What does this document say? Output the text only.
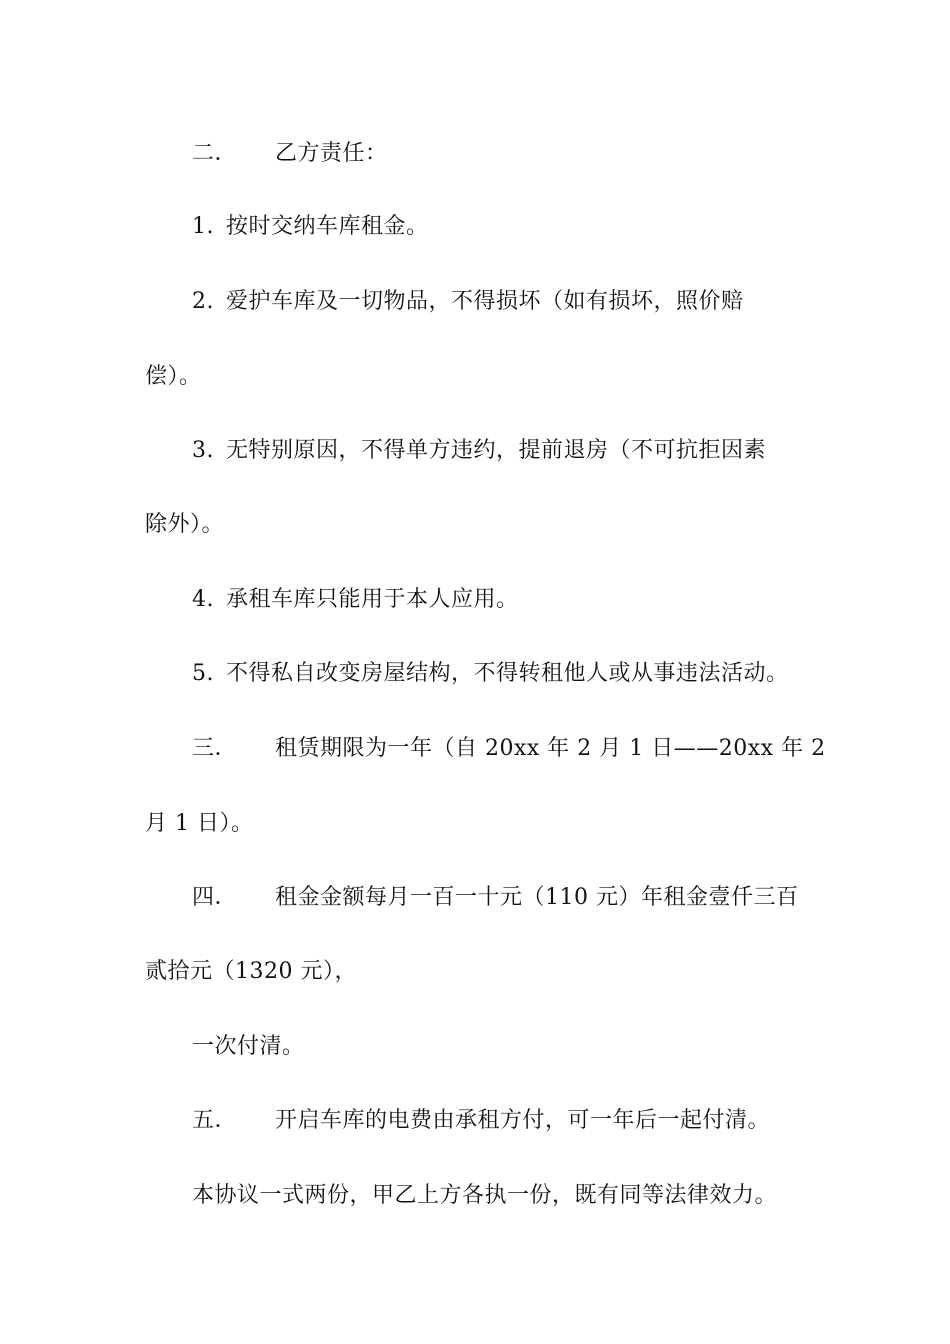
二． 乙方责任：
1. 按时交纳车库租金。
2. 爱护车库及一切物品，不得损坏（如有损坏，照价赔
偿）。
3. 无特别原因，不得单方违约，提前退房（不可抗拒因素
除外）。
4. 承租车库只能用于本人应用。
5. 不得私自改变房屋结构，不得转租他人或从事违法活动。
三． 租赁期限为一年（自 20xx 年 2 月 1 日——20xx 年 2
月 1 日）。
四． 租金金额每月一百一十元（110 元）年租金壹仟三百
贰拾元（1320 元），
一次付清。
五． 开启车库的电费由承租方付，可一年后一起付清。
本协议一式两份，甲乙上方各执一份，既有同等法律效力。
